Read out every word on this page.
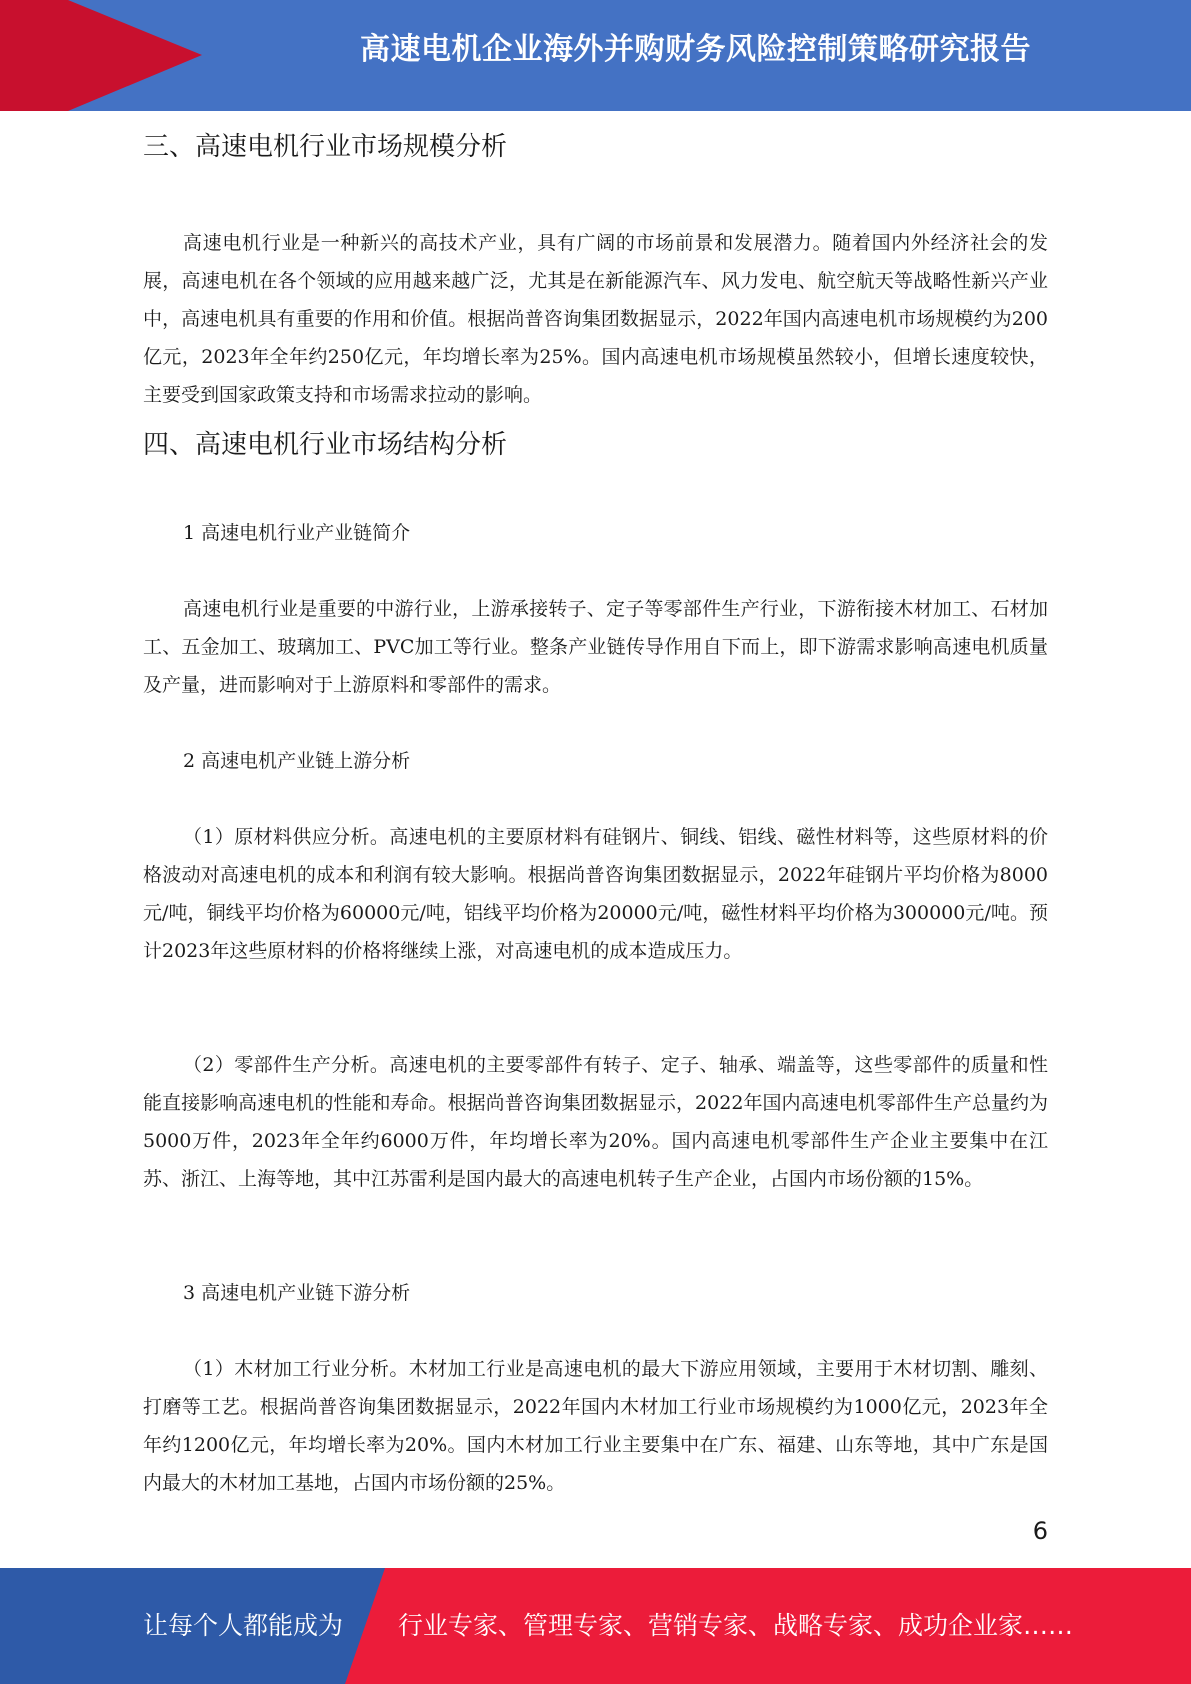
高速电机企业海外并购财务风险控制策略研究报告
三、高速电机行业市场规模分析

高速电机行业是一种新兴的高技术产业，具有广阔的市场前景和发展潜力。随着国内外经济社会的发展，高速电机在各个领域的应用越来越广泛，尤其是在新能源汽车、风力发电、航空航天等战略性新兴产业中，高速电机具有重要的作用和价值。根据尚普咨询集团数据显示，2022年国内高速电机市场规模约为200亿元，2023年全年约250亿元，年均增长率为25%。国内高速电机市场规模虽然较小，但增长速度较快，主要受到国家政策支持和市场需求拉动的影响。

四、高速电机行业市场结构分析

1 高速电机行业产业链简介

高速电机行业是重要的中游行业，上游承接转子、定子等零部件生产行业，下游衔接木材加工、石材加工、五金加工、玻璃加工、PVC加工等行业。整条产业链传导作用自下而上，即下游需求影响高速电机质量及产量，进而影响对于上游原料和零部件的需求。

2 高速电机产业链上游分析

（1）原材料供应分析。高速电机的主要原材料有硅钢片、铜线、铝线、磁性材料等，这些原材料的价格波动对高速电机的成本和利润有较大影响。根据尚普咨询集团数据显示，2022年硅钢片平均价格为8000元/吨，铜线平均价格为60000元/吨，铝线平均价格为20000元/吨，磁性材料平均价格为300000元/吨。预计2023年这些原材料的价格将继续上涨，对高速电机的成本造成压力。

（2）零部件生产分析。高速电机的主要零部件有转子、定子、轴承、端盖等，这些零部件的质量和性能直接影响高速电机的性能和寿命。根据尚普咨询集团数据显示，2022年国内高速电机零部件生产总量约为5000万件，2023年全年约6000万件，年均增长率为20%。国内高速电机零部件生产企业主要集中在江苏、浙江、上海等地，其中江苏雷利是国内最大的高速电机转子生产企业，占国内市场份额的15%。

3 高速电机产业链下游分析

（1）木材加工行业分析。木材加工行业是高速电机的最大下游应用领域，主要用于木材切割、雕刻、打磨等工艺。根据尚普咨询集团数据显示，2022年国内木材加工行业市场规模约为1000亿元，2023年全年约1200亿元，年均增长率为20%。国内木材加工行业主要集中在广东、福建、山东等地，其中广东是国内最大的木材加工基地，占国内市场份额的25%。

6
让每个人都能成为 行业专家、管理专家、营销专家、战略专家、成功企业家……
